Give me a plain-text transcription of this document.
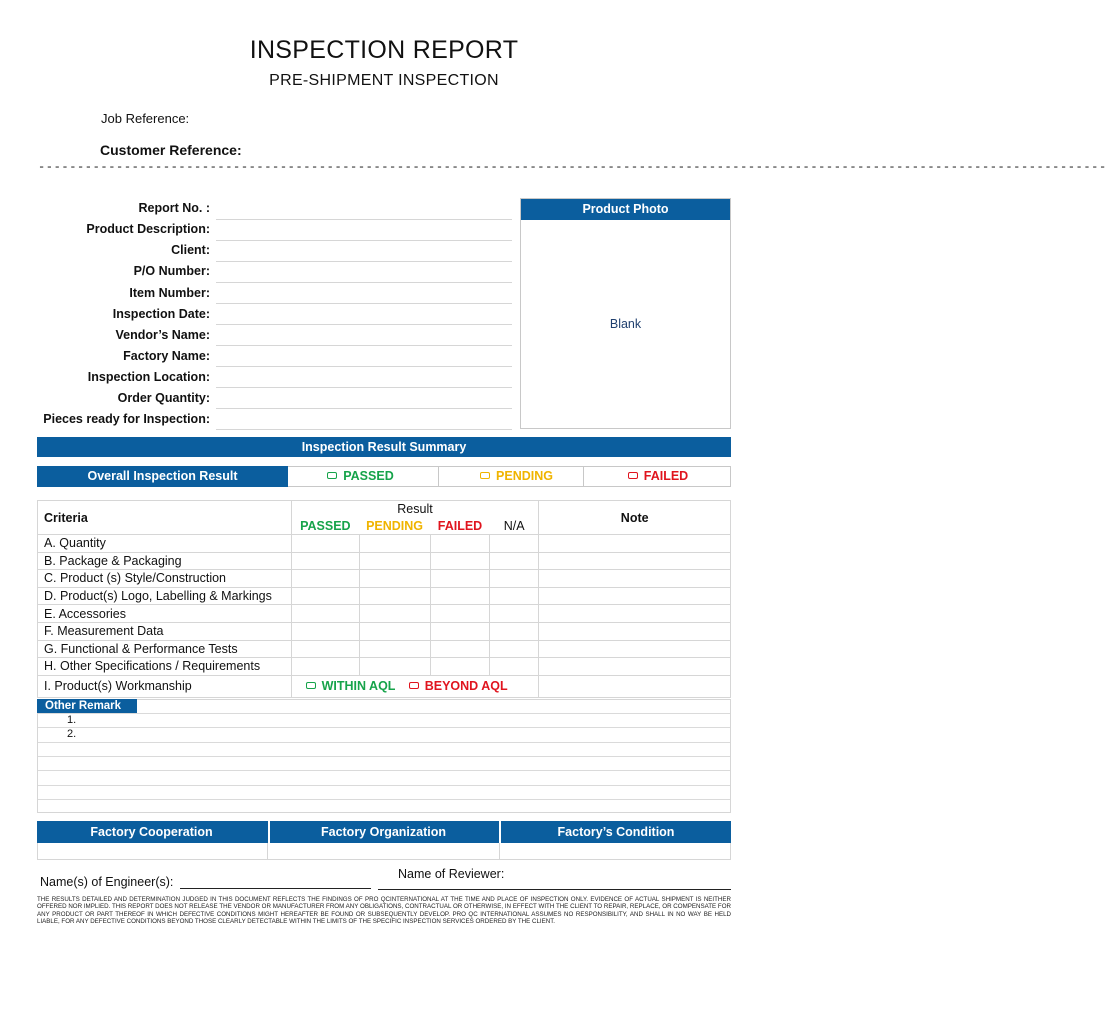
INSPECTION REPORT
PRE-SHIPMENT INSPECTION
Job Reference:
Customer Reference:
-----------------------------------------------------------------------------------------------------------------------------------------
Report No. :
Product Description:
Client:
P/O Number:
Item Number:
Inspection Date:
Vendor’s Name:
Factory Name:
Inspection Location:
Order Quantity:
Pieces ready for Inspection:
Product Photo
Blank
Inspection Result Summary
Overall Inspection Result	PASSED	PENDING	FAILED
Criteria	Result				Note
	PASSED	PENDING	FAILED	N/A	
A. Quantity					
B. Package & Packaging					
C. Product (s) Style/Construction					
D. Product(s) Logo, Labelling & Markings					
E. Accessories					
F. Measurement Data					
G. Functional & Performance Tests					
H. Other Specifications / Requirements					
I. Product(s) Workmanship	WITHIN AQL BEYOND AQL				
Other Remark
1.
2.
Factory Cooperation	Factory Organization	Factory’s Condition
Name(s) of Engineer(s):
Name of Reviewer:
THE RESULTS DETAILED AND DETERMINATION JUDGED IN THIS DOCUMENT REFLECTS THE FINDINGS OF PRO QCINTERNATIONAL AT THE TIME AND PLACE OF INSPECTION ONLY. EVIDENCE OF ACTUAL SHIPMENT IS NEITHER OFFERED NOR IMPLIED. THIS REPORT DOES NOT RELEASE THE VENDOR OR MANUFACTURER FROM ANY OBLIGATIONS, CONTRACTUAL OR OTHERWISE, IN EFFECT WITH THE CLIENT TO REPAIR, REPLACE, OR COMPENSATE FOR ANY PRODUCT OR PART THEREOF IN WHICH DEFECTIVE CONDITIONS MIGHT HEREAFTER BE FOUND OR SUBSEQUENTLY DEVELOP. PRO QC INTERNATIONAL ASSUMES NO RESPONSIBILITY, AND SHALL IN NO WAY BE HELD LIABLE, FOR ANY DEFECTIVE CONDITIONS BEYOND THOSE CLEARLY DETECTABLE WITHIN THE LIMITS OF THE SPECIFIC INSPECTION SERVICES ORDERED BY THE CLIENT.
